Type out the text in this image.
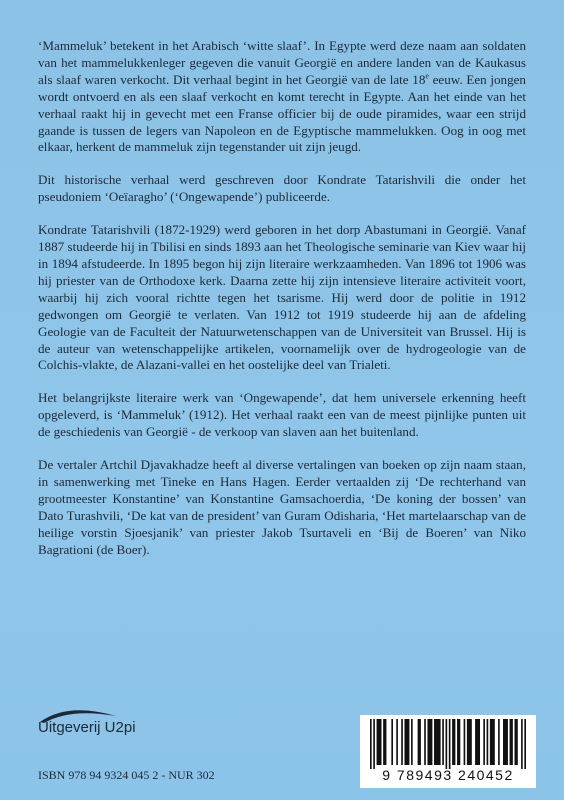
‘Mammeluk’ betekent in het Arabisch ‘witte slaaf’. In Egypte werd deze naam aan soldaten van het mammelukkenleger gegeven die vanuit Georgië en andere landen van de Kaukasus als slaaf waren verkocht. Dit verhaal begint in het Georgië van de late 18e eeuw. Een jongen wordt ontvoerd en als een slaaf verkocht en komt terecht in Egypte. Aan het einde van het verhaal raakt hij in gevecht met een Franse officier bij de oude piramides, waar een strijd gaande is tussen de legers van Napoleon en de Egyptische mammelukken. Oog in oog met elkaar, herkent de mammeluk zijn tegenstander uit zijn jeugd.

Dit historische verhaal werd geschreven door Kondrate Tatarishvili die onder het pseudoniem ‘Oeïaragho’ (‘Ongewapende’) publiceerde.

Kondrate Tatarishvili (1872-1929) werd geboren in het dorp Abastumani in Georgië. Vanaf 1887 studeerde hij in Tbilisi en sinds 1893 aan het Theologische seminarie van Kiev waar hij in 1894 afstudeerde. In 1895 begon hij zijn literaire werkzaamheden. Van 1896 tot 1906 was hij priester van de Orthodoxe kerk. Daarna zette hij zijn intensieve literaire activiteit voort, waarbij hij zich vooral richtte tegen het tsarisme. Hij werd door de politie in 1912 gedwongen om Georgië te verlaten. Van 1912 tot 1919 studeerde hij aan de afdeling Geologie van de Faculteit der Natuurwetenschappen van de Universiteit van Brussel. Hij is de auteur van wetenschappelijke artikelen, voornamelijk over de hydrogeologie van de Colchis-vlakte, de Alazani-vallei en het oostelijke deel van Trialeti.

Het belangrijkste literaire werk van ‘Ongewapende’, dat hem universele erkenning heeft opgeleverd, is ‘Mammeluk’ (1912). Het verhaal raakt een van de meest pijnlijke punten uit de geschiedenis van Georgië - de verkoop van slaven aan het buitenland.

De vertaler Artchil Djavakhadze heeft al diverse vertalingen van boeken op zijn naam staan, in samenwerking met Tineke en Hans Hagen. Eerder vertaalden zij ‘De rechterhand van grootmeester Konstantine’ van Konstantine Gamsachoerdia, ‘De koning der bossen’ van Dato Turashvili, ‘De kat van de president’ van Guram Odisharia, ‘Het martelaarschap van de heilige vorstin Sjoesjanik’ van priester Jakob Tsurtaveli en ‘Bij de Boeren’ van Niko Bagrationi (de Boer).

Uitgeverij U2pi
ISBN 978 94 9324 045 2 - NUR 302	9 789493 240452
